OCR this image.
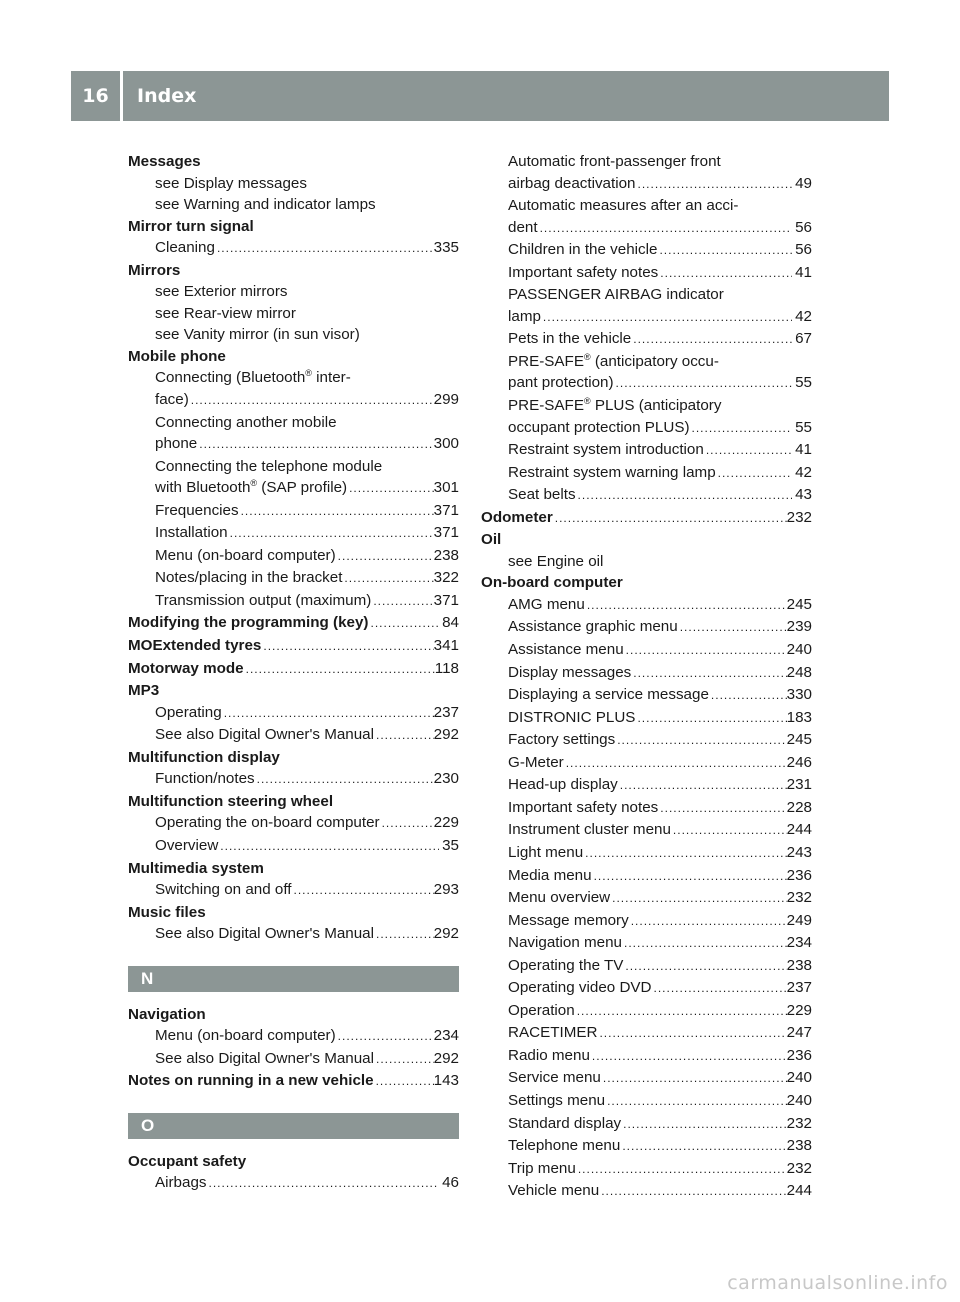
16	Index
Messages
see Display messages
see Warning and indicator lamps
Mirror turn signal
Cleaning .....	335
Mirrors
see Exterior mirrors
see Rear-view mirror
see Vanity mirror (in sun visor)
Mobile phone
Connecting (Bluetooth® inter-
face) .....	299
Connecting another mobile
phone .....	300
Connecting the telephone module
with Bluetooth® (SAP profile) .....	301
Frequencies .....	371
Installation .....	371
Menu (on-board computer) .....	238
Notes/placing in the bracket .....	322
Transmission output (maximum) .....	371
Modifying the programming (key) .....	84
MOExtended tyres .....	341
Motorway mode .....	118
MP3
Operating .....	237
See also Digital Owner's Manual .....	292
Multifunction display
Function/notes .....	230
Multifunction steering wheel
Operating the on-board computer .....	229
Overview .....	35
Multimedia system
Switching on and off .....	293
Music files
See also Digital Owner's Manual .....	292
N
Navigation
Menu (on-board computer) .....	234
See also Digital Owner's Manual .....	292
Notes on running in a new vehicle .....	143
O
Occupant safety
Airbags .....	46
Automatic front-passenger front
airbag deactivation .....	49
Automatic measures after an acci-
dent .....	56
Children in the vehicle .....	56
Important safety notes .....	41
PASSENGER AIRBAG indicator
lamp .....	42
Pets in the vehicle .....	67
PRE-SAFE® (anticipatory occu-
pant protection) .....	55
PRE-SAFE® PLUS (anticipatory
occupant protection PLUS) .....	55
Restraint system introduction .....	41
Restraint system warning lamp .....	42
Seat belts .....	43
Odometer .....	232
Oil
see Engine oil
On-board computer
AMG menu .....	245
Assistance graphic menu .....	239
Assistance menu .....	240
Display messages .....	248
Displaying a service message .....	330
DISTRONIC PLUS .....	183
Factory settings .....	245
G-Meter .....	246
Head-up display .....	231
Important safety notes .....	228
Instrument cluster menu .....	244
Light menu .....	243
Media menu .....	236
Menu overview .....	232
Message memory .....	249
Navigation menu .....	234
Operating the TV .....	238
Operating video DVD .....	237
Operation .....	229
RACETIMER .....	247
Radio menu .....	236
Service menu .....	240
Settings menu .....	240
Standard display .....	232
Telephone menu .....	238
Trip menu .....	232
Vehicle menu .....	244
carmanualsonline.info
